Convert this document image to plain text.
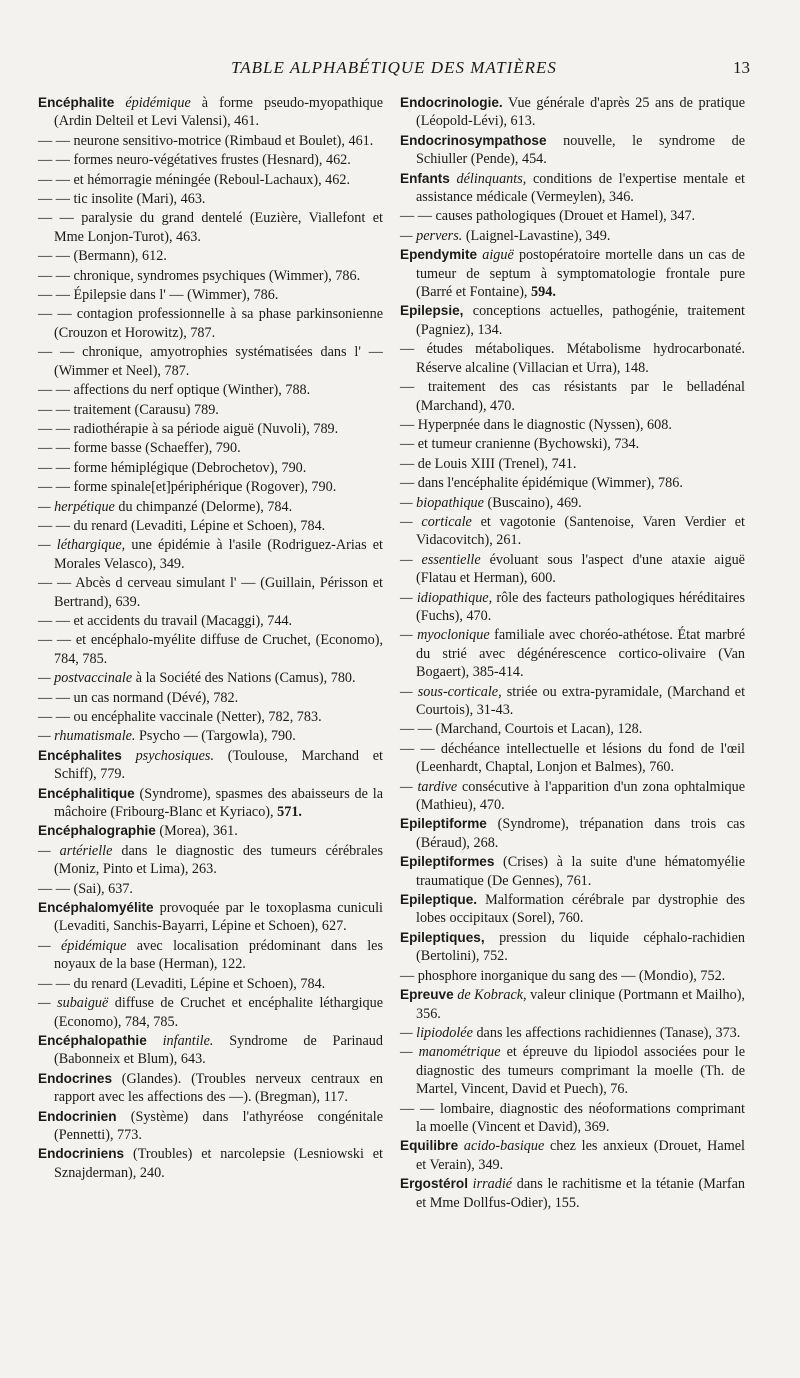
TABLE ALPHABÉTIQUE DES MATIÈRES	13
Encéphalite épidémique à forme pseudo-myopathique (Ardin Delteil et Levi Valensi), 461.
— — neurone sensitivo-motrice (Rimbaud et Boulet), 461.
— — formes neuro-végétatives frustes (Hesnard), 462.
— — et hémorragie méningée (Reboul-Lachaux), 462.
— — tic insolite (Mari), 463.
— — paralysie du grand dentelé (Euzière, Viallefont et Mme Lonjon-Turot), 463.
— — (Bermann), 612.
— — chronique, syndromes psychiques (Wimmer), 786.
— — Épilepsie dans l' — (Wimmer), 786.
— — contagion professionnelle à sa phase parkinsonienne (Crouzon et Horowitz), 787.
— — chronique, amyotrophies systématisées dans l' — (Wimmer et Neel), 787.
— — affections du nerf optique (Winther), 788.
— — traitement (Carausu) 789.
— — radiothérapie à sa période aiguë (Nuvoli), 789.
— — forme basse (Schaeffer), 790.
— — forme hémiplégique (Debrochetov), 790.
— — forme spinale[et]périphérique (Rogover), 790.
— herpétique du chimpanzé (Delorme), 784.
— — du renard (Levaditi, Lépine et Schoen), 784.
— léthargique, une épidémie à l'asile (Rodriguez-Arias et Morales Velasco), 349.
— — Abcès d cerveau simulant l' — (Guillain, Périsson et Bertrand), 639.
— — et accidents du travail (Macaggi), 744.
— — et encéphalo-myélite diffuse de Cruchet, (Economo), 784, 785.
— postvaccinale à la Société des Nations (Camus), 780.
— — un cas normand (Dévé), 782.
— — ou encéphalite vaccinale (Netter), 782, 783.
— rhumatismale. Psycho — (Targowla), 790.
Encéphalites psychosiques. (Toulouse, Marchand et Schiff), 779.
Encéphalitique (Syndrome), spasmes des abaisseurs de la mâchoire (Fribourg-Blanc et Kyriaco), 571.
Encéphalographie (Morea), 361.
— artérielle dans le diagnostic des tumeurs cérébrales (Moniz, Pinto et Lima), 263.
— — (Sai), 637.
Encéphalomyélite provoquée par le toxoplasma cuniculi (Levaditi, Sanchis-Bayarri, Lépine et Schoen), 627.
— épidémique avec localisation prédominant dans les noyaux de la base (Herman), 122.
— — du renard (Levaditi, Lépine et Schoen), 784.
— subaiguë diffuse de Cruchet et encéphalite léthargique (Economo), 784, 785.
Encéphalopathie infantile. Syndrome de Parinaud (Babonneix et Blum), 643.
Endocrines (Glandes). (Troubles nerveux centraux en rapport avec les affections des —). (Bregman), 117.
Endocrinien (Système) dans l'athyréose congénitale (Pennetti), 773.
Endocriniens (Troubles) et narcolepsie (Lesniowski et Sznajderman), 240.
Endocrinologie. Vue générale d'après 25 ans de pratique (Léopold-Lévi), 613.
Endocrinosympathose nouvelle, le syndrome de Schiuller (Pende), 454.
Enfants délinquants, conditions de l'expertise mentale et assistance médicale (Vermeylen), 346.
— — causes pathologiques (Drouet et Hamel), 347.
— pervers. (Laignel-Lavastine), 349.
Ependymite aiguë postopératoire mortelle dans un cas de tumeur de septum à symptomatologie frontale pure (Barré et Fontaine), 594.
Epilepsie, conceptions actuelles, pathogénie, traitement (Pagniez), 134.
— études métaboliques. Métabolisme hydrocarbonaté. Réserve alcaline (Villacian et Urra), 148.
— traitement des cas résistants par le belladénal (Marchand), 470.
— Hyperpnée dans le diagnostic (Nyssen), 608.
— et tumeur cranienne (Bychowski), 734.
— de Louis XIII (Trenel), 741.
— dans l'encéphalite épidémique (Wimmer), 786.
— biopathique (Buscaino), 469.
— corticale et vagotonie (Santenoise, Varen Verdier et Vidacovitch), 261.
— essentielle évoluant sous l'aspect d'une ataxie aiguë (Flatau et Herman), 600.
— idiopathique, rôle des facteurs pathologiques héréditaires (Fuchs), 470.
— myoclonique familiale avec choréo-athétose. État marbré du strié avec dégénérescence cortico-olivaire (Van Bogaert), 385-414.
— sous-corticale, striée ou extra-pyramidale, (Marchand et Courtois), 31-43.
— — (Marchand, Courtois et Lacan), 128.
— — déchéance intellectuelle et lésions du fond de l'œil (Leenhardt, Chaptal, Lonjon et Balmes), 760.
— tardive consécutive à l'apparition d'un zona ophtalmique (Mathieu), 470.
Epileptiforme (Syndrome), trépanation dans trois cas (Béraud), 268.
Epileptiformes (Crises) à la suite d'une hématomyélie traumatique (De Gennes), 761.
Epileptique. Malformation cérébrale par dystrophie des lobes occipitaux (Sorel), 760.
Epileptiques, pression du liquide céphalo-rachidien (Bertolini), 752.
— phosphore inorganique du sang des — (Mondio), 752.
Epreuve de Kobrack, valeur clinique (Portmann et Mailho), 356.
— lipiodolée dans les affections rachidiennes (Tanase), 373.
— manométrique et épreuve du lipiodol associées pour le diagnostic des tumeurs comprimant la moelle (Th. de Martel, Vincent, David et Puech), 76.
— — lombaire, diagnostic des néoformations comprimant la moelle (Vincent et David), 369.
Equilibre acido-basique chez les anxieux (Drouet, Hamel et Verain), 349.
Ergostérol irradié dans le rachitisme et la tétanie (Marfan et Mme Dollfus-Odier), 155.
